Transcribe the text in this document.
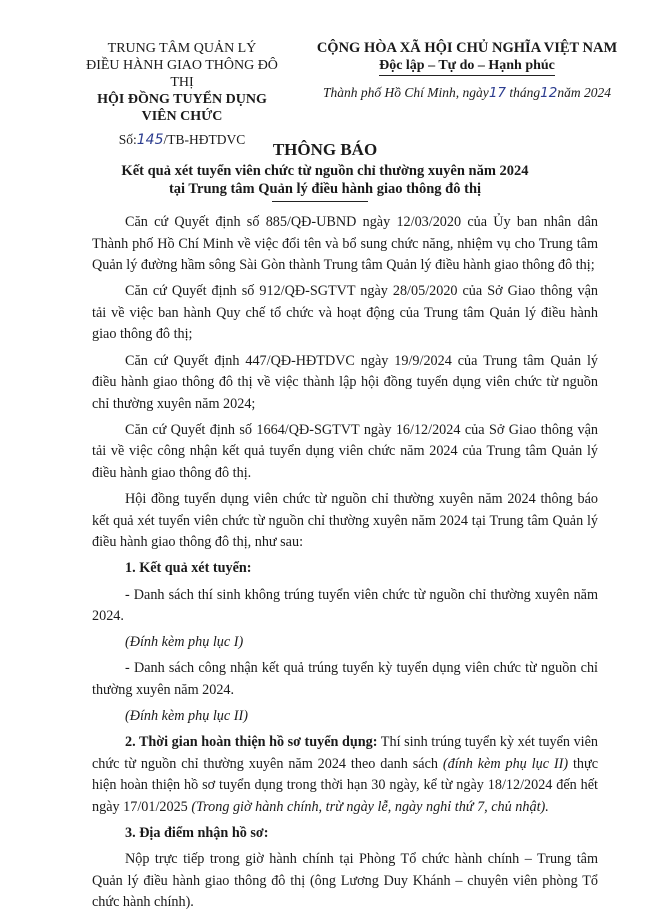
TRUNG TÂM QUẢN LÝ
ĐIỀU HÀNH GIAO THÔNG ĐÔ THỊ
HỘI ĐỒNG TUYỂN DỤNG VIÊN CHỨC
Số:145/TB-HĐTDVC
CỘNG HÒA XÃ HỘI CHỦ NGHĨA VIỆT NAM
Độc lập – Tự do – Hạnh phúc
Thành phố Hồ Chí Minh, ngày17 tháng12năm 2024
THÔNG BÁO
Kết quả xét tuyển viên chức từ nguồn chỉ thường xuyên năm 2024
tại Trung tâm Quản lý điều hành giao thông đô thị

Căn cứ Quyết định số 885/QĐ-UBND ngày 12/03/2020 của Ủy ban nhân dân Thành phố Hồ Chí Minh về việc đổi tên và bổ sung chức năng, nhiệm vụ cho Trung tâm Quản lý đường hầm sông Sài Gòn thành Trung tâm Quản lý điều hành giao thông đô thị;

Căn cứ Quyết định số 912/QĐ-SGTVT ngày 28/05/2020 của Sở Giao thông vận tải về việc ban hành Quy chế tổ chức và hoạt động của Trung tâm Quản lý điều hành giao thông đô thị;

Căn cứ Quyết định 447/QĐ-HĐTDVC ngày 19/9/2024 của Trung tâm Quản lý điều hành giao thông đô thị về việc thành lập hội đồng tuyển dụng viên chức từ nguồn chỉ thường xuyên năm 2024;

Căn cứ Quyết định số 1664/QĐ-SGTVT ngày 16/12/2024 của Sở Giao thông vận tải về việc công nhận kết quả tuyển dụng viên chức năm 2024 của Trung tâm Quản lý điều hành giao thông đô thị.

Hội đồng tuyển dụng viên chức từ nguồn chỉ thường xuyên năm 2024 thông báo kết quả xét tuyển viên chức từ nguồn chỉ thường xuyên năm 2024 tại Trung tâm Quản lý điều hành giao thông đô thị, như sau:

1. Kết quả xét tuyển:

- Danh sách thí sinh không trúng tuyển viên chức từ nguồn chỉ thường xuyên năm 2024.

(Đính kèm phụ lục I)

- Danh sách công nhận kết quả trúng tuyển kỳ tuyển dụng viên chức từ nguồn chỉ thường xuyên năm 2024.

(Đính kèm phụ lục II)

2. Thời gian hoàn thiện hồ sơ tuyển dụng: Thí sinh trúng tuyển kỳ xét tuyển viên chức từ nguồn chỉ thường xuyên năm 2024 theo danh sách (đính kèm phụ lục II) thực hiện hoàn thiện hồ sơ tuyển dụng trong thời hạn 30 ngày, kể từ ngày 18/12/2024 đến hết ngày 17/01/2025 (Trong giờ hành chính, trừ ngày lễ, ngày nghỉ thứ 7, chủ nhật).

3. Địa điểm nhận hồ sơ:

Nộp trực tiếp trong giờ hành chính tại Phòng Tổ chức hành chính – Trung tâm Quản lý điều hành giao thông đô thị (ông Lương Duy Khánh – chuyên viên phòng Tổ chức hành chính).
